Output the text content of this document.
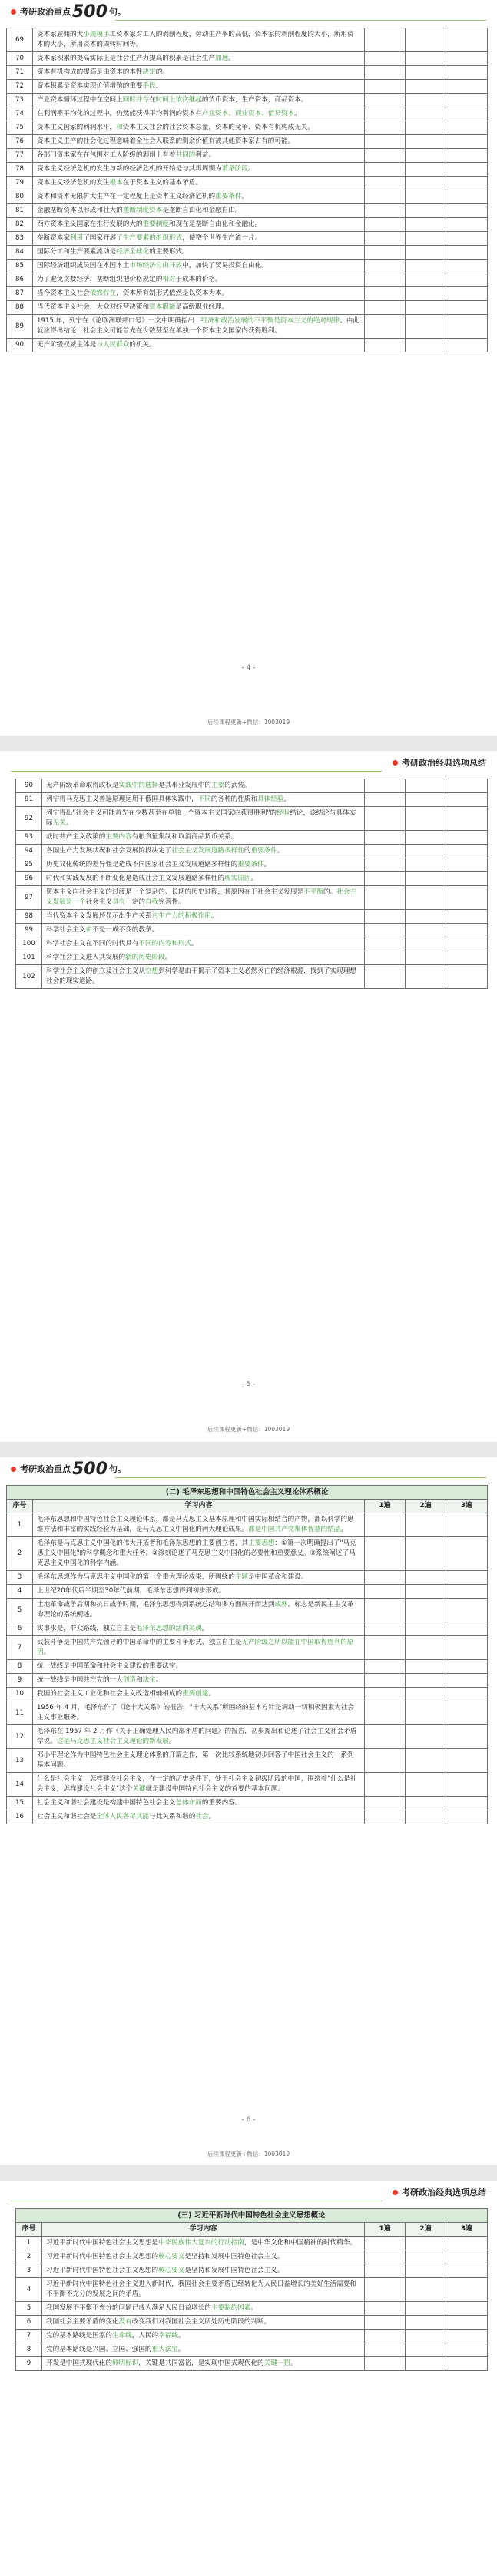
考研政治重点 500 句。
69	资本家雇佣的大小规模手工资本家对工人的剥削程度，劳动生产率的高低，资本家的剥削程度的大小，所用资本的大小，所用资本的周转时间等。			
70	资本家积累的提高实际上是社会生产力提高的积累是社会生产加速。			
71	资本有机构成的提高是由资本的本性决定的。			
72	资本积累是资本实现价值增殖的重要手段。			
73	产业资本循环过程中在空间上同时并存在时间上依次继起的货币资本，生产资本，商品资本。			
74	在利润率平均化的过程中，仍然能获得平均利润的资本有产业资本、商业资本、借贷资本。			
75	资本主义国家的利润水平，和资本主义社会的社会资本总量，资本的竞争、资本有机构成无关。			
76	资本主义生产的社会化过程意味着全社会人联系的剩余价值有被其他资本家占有的可能。			
77	各部门资本家在在包围对工人阶级的剥削上有着共同的利益。			
78	资本主义经济危机的发生与新的经济危机的开始是与其再周期为萧条阶段。			
79	资本主义经济危机的发生根本在于资本主义的基本矛盾。			
80	资本和资本无限扩大生产在一定程度上是资本主义经济危机的重要条件。			
81	金融垄断资本以形成和壮大的垄断制度资本是垄断自由化和金融自由。			
82	西方资本主义国家在推行发展的大的重要制度和现在是垄断自由化和金融化。			
83	垄断资本家利用了国家开展了生产要素的组织形式，使整个世界生产流一片。			
84	国际分工和生产要素流动是经济全球化的主要形式。			
85	国际经济组织成员国在本国本土市场经济自由开放中，加快了贸易投资自由化。			
86	为了避免贪婪经济，垄断组织把价格规定的相对于成本的价格。			
87	当今资本主义社会依然存在，资本所有制形式依然是以资本为本。			
88	当代资本主义社会，大众对经营决策和资本职能是高级职业经理。			
89	1915 年，列宁在《论欧洲联邦口号》一文中明确指出：经济和政治发展的不平衡是资本主义的绝对规律。由此就应得出结论：社会主义可能首先在少数甚至在单独一个资本主义国家内获得胜利。			
90	无产阶级权威主体是与人民群众的机关。			
- 4 -
后续课程更新+微信：1003019
考研政治经典选项总结
90	无产阶级革命取得政权是实践中的选择是其事业发展中的主要的武装。			
91	列宁得马克思主义普遍原理运用于俄国具体实践中，不同的各种的性质和具体经验。			
92	列宁得出"社会主义可能首先在少数甚至在单独一个资本主义国家内获得胜利"的经验结论，该结论与具体实际无关。			
93	战时共产主义政策的主要内容有粮食征集制和取消商品货币关系。			
94	各国生产力发展状况和社会发展阶段决定了社会主义发展道路多样性的重要条件。			
95	历史文化传统的差异性是造成不同国家社会主义发展道路多样性的重要条件。			
96	时代和实践发展的不断变化是造成社会主义发展道路多样性的现实原因。			
97	资本主义向社会主义的过渡是一个复杂的、长期的历史过程，其原因在于社会主义发展是不平衡的。社会主义发展是一个社会主义具有一定的自我完善性。			
98	当代资本主义发展还显示出生产关系对生产力的积极作用。			
99	科学社会主义由不是一成不变的教条。			
100	科学社会主义在不同的时代具有不同的内容和形式。			
101	科学社会主义进入其发展的新的历史阶段。			
102	科学社会主义的创立及社会主义从空想到科学是由于揭示了资本主义必然灭亡的经济根源，找到了实现理想社会的现实道路。			
- 5 -
后续课程更新+微信：1003019
考研政治重点 500 句。
(二) 毛泽东思想和中国特色社会主义理论体系概论				
序号	学习内容	1遍	2遍	3遍
1	毛泽东思想和中国特色社会主义理论体系，都是马克思主义基本原理和中国实际相结合的产物，都以科学的思维方法和丰富的实践经验为基础，是马克思主义中国化的两大理论成果。都是中国共产党集体智慧的结晶。			
2	毛泽东是马克思主义中国化的伟大开拓者和毛泽东思想的主要创立者，其主要思想：①第一次明确提出了"马克思主义中国化"的科学概念和重大任务。②深刻论述了马克思主义中国化的必要性和重要意义。③系统阐述了马克思主义中国化的科学内涵。			
3	毛泽东思想作为马克思主义中国化的第一个重大理论成果，所围绕的主题是中国革命和建设。			
4	上世纪20年代后半期至30年代前期，毛泽东思想得到初步形成。			
5	土地革命战争后期和抗日战争时期，毛泽东思想得到系统总结和多方面展开而达到成熟。标志是新民主主义革命理论的系统阐述。			
6	实事求是，群众路线，独立自主是毛泽东思想的活的灵魂。			
7	武装斗争是中国共产党领导的中国革命中的主要斗争形式，独立自主是无产阶级之所以能在中国取得胜利的原因。			
8	统一战线是中国革命和社会主义建设的重要法宝。			
9	统一战线是中国共产党的一大创造和法宝。			
10	我国的社会主义工业化和社会主义改造相辅相成的重要创建。			
11	1956 年 4 月，毛泽东作了《论十大关系》的报告，"十大关系"所围绕的基本方针是调动一切积极因素为社会主义事业服务。			
12	毛泽东在 1957 年 2 月作《关于正确处理人民内部矛盾的问题》的报告，初步提出和论述了社会主义社会矛盾学说。这是马克思主义社会主义理论的新发展。			
13	邓小平理论作为中国特色社会主义理论体系的开篇之作，第一次比较系统地初步回答了中国社会主义的一系列基本问题。			
14	什么是社会主义，怎样建设社会主义，在一定的历史条件下，处于社会主义初级阶段的中国，围绕着"什么是社会主义，怎样建设社会主义"这个关键就是建设中国特色社会主义的首要的基本问题。			
15	社会主义和谐社会建设是构建中国特色社会主义总体布局的重要内容。			
16	社会主义和谐社会是全体人民各尽其能与此关系和谐的社会。			
- 6 -
后续课程更新+微信：1003019
考研政治经典选项总结
(三) 习近平新时代中国特色社会主义思想概论				
序号	学习内容	1遍	2遍	3遍
1	习近平新时代中国特色社会主义思想是中华民族伟大复兴的行动指南，是中华文化和中国精神的时代精华。			
2	习近平新时代中国特色社会主义思想的核心要义是坚持和发展中国特色社会主义。			
3	习近平新时代中国特色社会主义思想的核心要义是坚持和发展中国特色社会主义。			
4	习近平新时代中国特色社会主义进入新时代，我国社会主要矛盾已经转化为人民日益增长的美好生活需要和不平衡不充分的发展之间的矛盾。			
5	我国发展不平衡不充分的问题已成为满足人民日益增长的主要制约因素。			
6	我国社会主要矛盾的变化没有改变我们对我国社会主义所处历史阶段的判断。			
7	党的基本路线是国家的生命线，人民的幸福线。			
8	党的基本路线是兴国、立国、强国的重大法宝。			
9	开发是中国式现代化的鲜明标识，关键是共同富裕，是实现中国式现代化的关键一招。			
